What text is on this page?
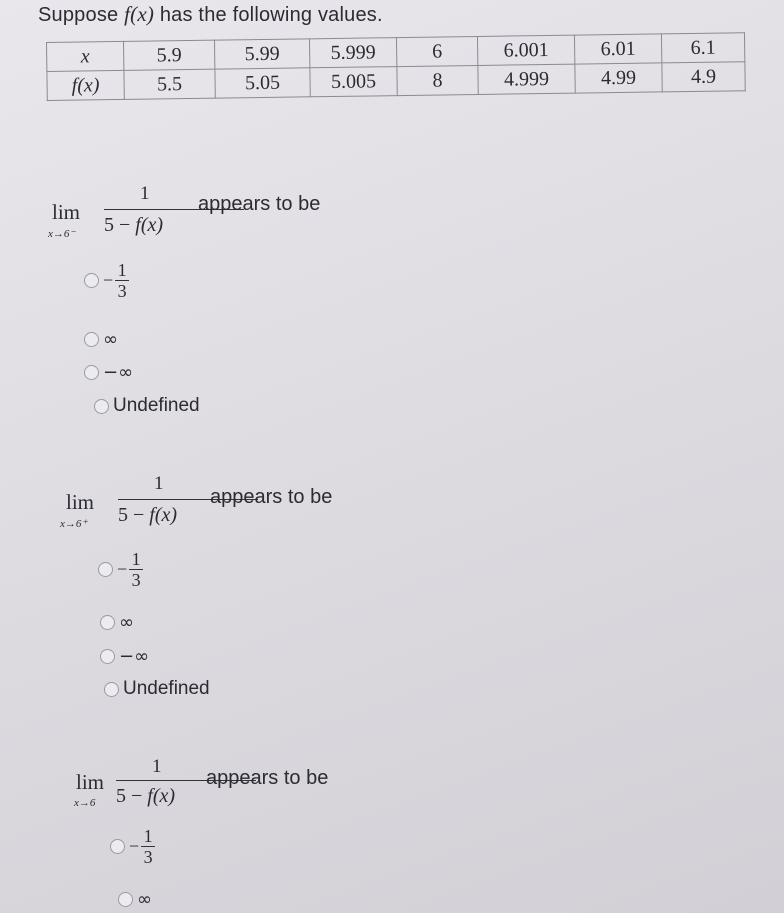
Suppose f(x) has the following values.
x	5.9	5.99	5.999	6	6.001	6.01	6.1
f(x)	5.5	5.05	5.005	8	4.999	4.99	4.9
lim
x→6⁻
1
5 − f(x)
appears to be
− $\frac{1}{3}$
∞
−∞
Undefined
lim
x→6⁺
1
5 − f(x)
appears to be
− $\frac{1}{3}$
∞
−∞
Undefined
lim
x→6
1
5 − f(x)
appears to be
− $\frac{1}{3}$
∞
